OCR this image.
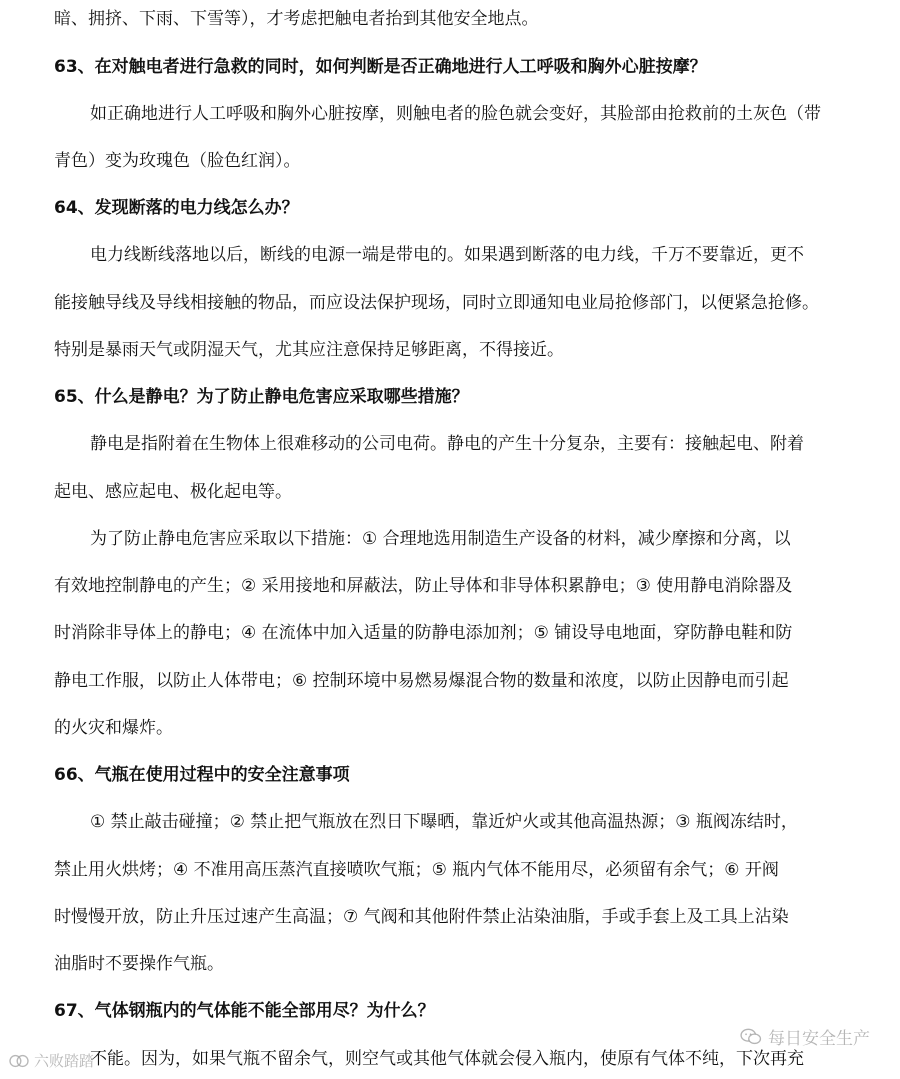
暗、拥挤、下雨、下雪等），才考虑把触电者抬到其他安全地点。
63、在对触电者进行急救的同时，如何判断是否正确地进行人工呼吸和胸外心脏按摩？
如正确地进行人工呼吸和胸外心脏按摩，则触电者的脸色就会变好，其脸部由抢救前的土灰色（带
青色）变为玫瑰色（脸色红润）。
64、发现断落的电力线怎么办？
电力线断线落地以后，断线的电源一端是带电的。如果遇到断落的电力线，千万不要靠近，更不
能接触导线及导线相接触的物品，而应设法保护现场，同时立即通知电业局抢修部门，以便紧急抢修。
特别是暴雨天气或阴湿天气，尤其应注意保持足够距离，不得接近。
65、什么是静电？为了防止静电危害应采取哪些措施？
静电是指附着在生物体上很难移动的公司电荷。静电的产生十分复杂，主要有：接触起电、附着
起电、感应起电、极化起电等。
为了防止静电危害应采取以下措施：① 合理地选用制造生产设备的材料，减少摩擦和分离，以
有效地控制静电的产生；② 采用接地和屏蔽法，防止导体和非导体积累静电；③ 使用静电消除器及
时消除非导体上的静电；④ 在流体中加入适量的防静电添加剂；⑤ 铺设导电地面，穿防静电鞋和防
静电工作服，以防止人体带电；⑥ 控制环境中易燃易爆混合物的数量和浓度，以防止因静电而引起
的火灾和爆炸。
66、气瓶在使用过程中的安全注意事项
① 禁止敲击碰撞；② 禁止把气瓶放在烈日下曝晒，靠近炉火或其他高温热源；③ 瓶阀冻结时，
禁止用火烘烤；④ 不准用高压蒸汽直接喷吹气瓶；⑤ 瓶内气体不能用尽，必须留有余气；⑥ 开阀
时慢慢开放，防止升压过速产生高温；⑦ 气阀和其他附件禁止沾染油脂，手或手套上及工具上沾染
油脂时不要操作气瓶。
67、气体钢瓶内的气体能不能全部用尽？为什么？
不能。因为，如果气瓶不留余气，则空气或其他气体就会侵入瓶内，使原有气体不纯，下次再充
每日安全生产
六败踏踏
